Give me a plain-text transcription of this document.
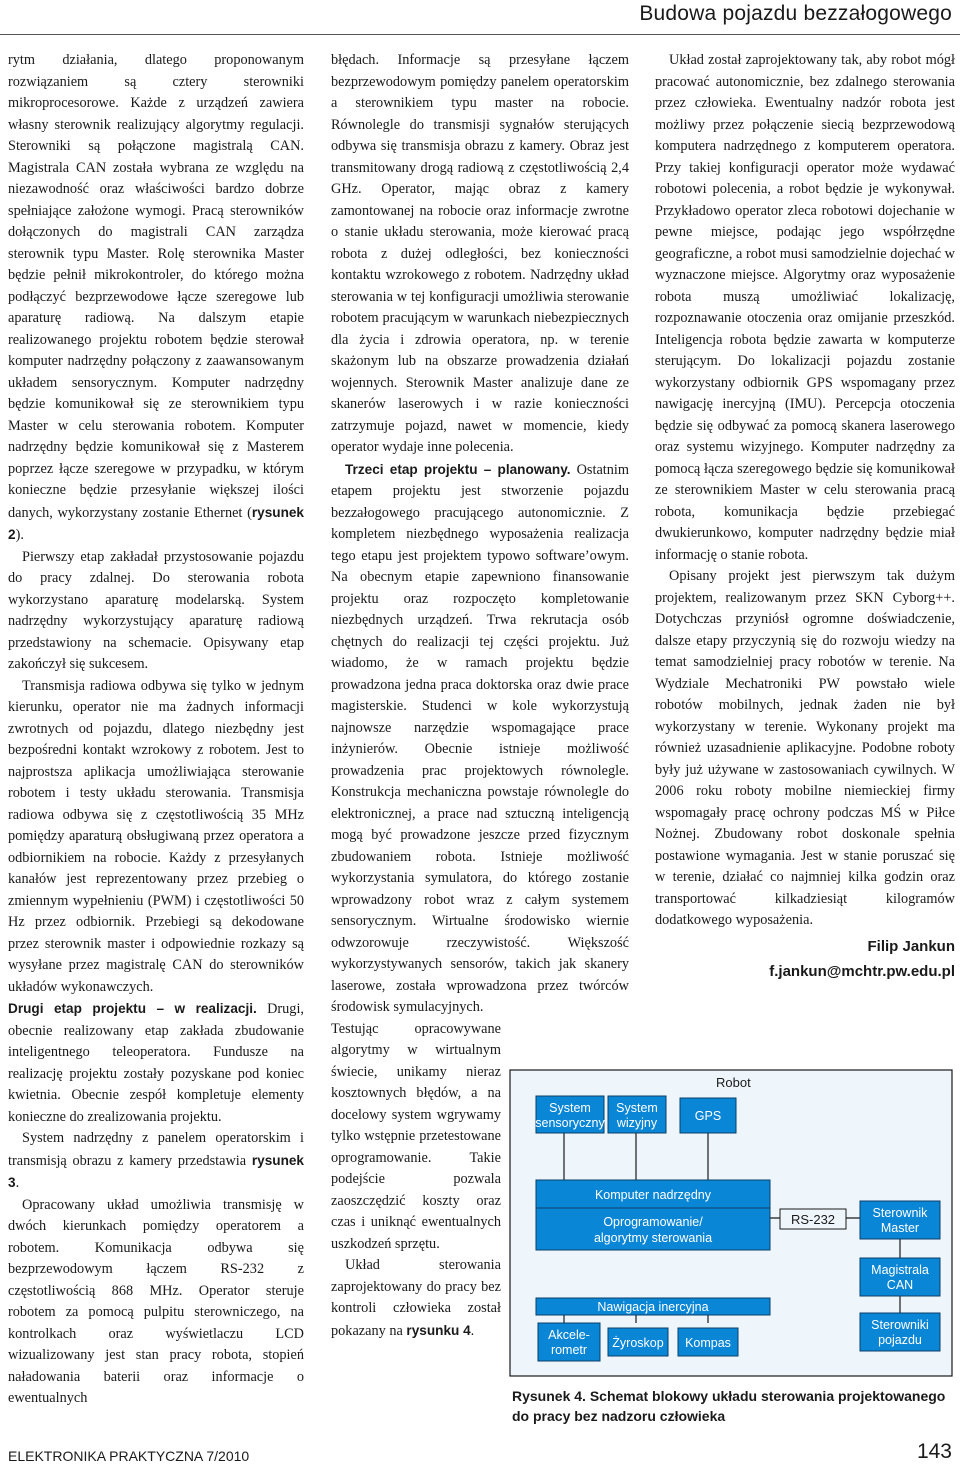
Budowa pojazdu bezzałogowego

rytm działania, dlatego proponowanym rozwiązaniem są cztery sterowniki mikroprocesorowe. Każde z urządzeń zawiera własny sterownik realizujący algorytmy regulacji. Sterowniki są połączone magistralą CAN. Magistrala CAN została wybrana ze względu na niezawodność oraz właściwości bardzo dobrze spełniające założone wymogi. Pracą sterowników dołączonych do magistrali CAN zarządza sterownik typu Master. Rolę sterownika Master będzie pełnił mikrokontroler, do którego można podłączyć bezprzewodowe łącze szeregowe lub aparaturę radiową. Na dalszym etapie realizowanego projektu robotem będzie sterował komputer nadrzędny połączony z zaawansowanym układem sensorycznym. Komputer nadrzędny będzie komunikował się ze sterownikiem typu Master w celu sterowania robotem. Komputer nadrzędny będzie komunikował się z Masterem poprzez łącze szeregowe w przypadku, w którym konieczne będzie przesyłanie większej ilości danych, wykorzystany zostanie Ethernet (rysunek 2).

Pierwszy etap zakładał przystosowanie pojazdu do pracy zdalnej. Do sterowania robota wykorzystano aparaturę modelarską. System nadrzędny wykorzystujący aparaturę radiową przedstawiony na schemacie. Opisywany etap zakończył się sukcesem.

Transmisja radiowa odbywa się tylko w jednym kierunku, operator nie ma żadnych informacji zwrotnych od pojazdu, dlatego niezbędny jest bezpośredni kontakt wzrokowy z robotem. Jest to najprostsza aplikacja umożliwiająca sterowanie robotem i testy układu sterowania. Transmisja radiowa odbywa się z częstotliwością 35 MHz pomiędzy aparaturą obsługiwaną przez operatora a odbiornikiem na robocie. Każdy z przesyłanych kanałów jest reprezentowany przez przebieg o zmiennym wypełnieniu (PWM) i częstotliwości 50 Hz przez odbiornik. Przebiegi są dekodowane przez sterownik master i odpowiednie rozkazy są wysyłane przez magistralę CAN do sterowników układów wykonawczych.

Drugi etap projektu – w realizacji. Drugi, obecnie realizowany etap zakłada zbudowanie inteligentnego teleoperatora. Fundusze na realizację projektu zostały pozyskane pod koniec kwietnia. Obecnie zespół kompletuje elementy konieczne do zrealizowania projektu.

System nadrzędny z panelem operatorskim i transmisją obrazu z kamery przedstawia rysunek 3.

Opracowany układ umożliwia transmisję w dwóch kierunkach pomiędzy operatorem a robotem. Komunikacja odbywa się bezprzewodowym łączem RS-232 z częstotliwością 868 MHz. Operator steruje robotem za pomocą pulpitu sterowniczego, na kontrolkach oraz wyświetlaczu LCD wizualizowany jest stan pracy robota, stopień naładowania baterii oraz informacje o ewentualnych

błędach. Informacje są przesyłane łączem bezprzewodowym pomiędzy panelem operatorskim a sterownikiem typu master na robocie. Równolegle do transmisji sygnałów sterujących odbywa się transmisja obrazu z kamery. Obraz jest transmitowany drogą radiową z częstotliwością 2,4 GHz. Operator, mając obraz z kamery zamontowanej na robocie oraz informacje zwrotne o stanie układu sterowania, może kierować pracą robota z dużej odległości, bez konieczności kontaktu wzrokowego z robotem. Nadrzędny układ sterowania w tej konfiguracji umożliwia sterowanie robotem pracującym w warunkach niebezpiecznych dla życia i zdrowia operatora, np. w terenie skażonym lub na obszarze prowadzenia działań wojennych. Sterownik Master analizuje dane ze skanerów laserowych i w razie konieczności zatrzymuje pojazd, nawet w momencie, kiedy operator wydaje inne polecenia.

Trzeci etap projektu – planowany. Ostatnim etapem projektu jest stworzenie pojazdu bezzałogowego pracującego autonomicznie. Z kompletem niezbędnego wyposażenia realizacja tego etapu jest projektem typowo software’owym. Na obecnym etapie zapewniono finansowanie projektu oraz rozpoczęto kompletowanie niezbędnych urządzeń. Trwa rekrutacja osób chętnych do realizacji tej części projektu. Już wiadomo, że w ramach projektu będzie prowadzona jedna praca doktorska oraz dwie prace magisterskie. Studenci w kole wykorzystują najnowsze narzędzie wspomagające prace inżynierów. Obecnie istnieje możliwość prowadzenia prac projektowych równolegle. Konstrukcja mechaniczna powstaje równolegle do elektronicznej, a prace nad sztuczną inteligencją mogą być prowadzone jeszcze przed fizycznym zbudowaniem robota. Istnieje możliwość wykorzystania symulatora, do którego zostanie wprowadzony robot wraz z całym systemem sensorycznym. Wirtualne środowisko wiernie odwzorowuje rzeczywistość. Większość wykorzystywanych sensorów, takich jak skanery laserowe, została wprowadzona przez twórców środowisk symulacyjnych.

Testując opracowywane algorytmy w wirtualnym świecie, unikamy nieraz kosztownych błędów, a na docelowy system wgrywamy tylko wstępnie przetestowane oprogramowanie. Takie podejście pozwala zaoszczędzić koszty oraz czas i uniknąć ewentualnych uszkodzeń sprzętu.

Układ sterowania zaprojektowany do pracy bez kontroli człowieka został pokazany na rysunku 4.

Układ został zaprojektowany tak, aby robot mógł pracować autonomicznie, bez zdalnego sterowania przez człowieka. Ewentualny nadzór robota jest możliwy przez połączenie siecią bezprzewodową komputera nadrzędnego z komputerem operatora. Przy takiej konfiguracji operator może wydawać robotowi polecenia, a robot będzie je wykonywał. Przykładowo operator zleca robotowi dojechanie w pewne miejsce, podając jego współrzędne geograficzne, a robot musi samodzielnie dojechać w wyznaczone miejsce. Algorytmy oraz wyposażenie robota muszą umożliwiać lokalizację, rozpoznawanie otoczenia oraz omijanie przeszkód. Inteligencja robota będzie zawarta w komputerze sterującym. Do lokalizacji pojazdu zostanie wykorzystany odbiornik GPS wspomagany przez nawigację inercyjną (IMU). Percepcja otoczenia będzie się odbywać za pomocą skanera laserowego oraz systemu wizyjnego. Komputer nadrzędny za pomocą łącza szeregowego będzie się komunikował ze sterownikiem Master w celu sterowania pracą robota, komunikacja będzie przebiegać dwukierunkowo, komputer nadrzędny będzie miał informację o stanie robota.

Opisany projekt jest pierwszym tak dużym projektem, realizowanym przez SKN Cyborg++. Dotychczas przyniósł ogromne doświadczenie, dalsze etapy przyczynią się do rozwoju wiedzy na temat samodzielniej pracy robotów w terenie. Na Wydziale Mechatroniki PW powstało wiele robotów mobilnych, jednak żaden nie był wykorzystany w terenie. Wykonany projekt ma również uzasadnienie aplikacyjne. Podobne roboty były już używane w zastosowaniach cywilnych. W 2006 roku roboty mobilne niemieckiej firmy wspomagały pracę ochrony podczas MŚ w Piłce Nożnej. Zbudowany robot doskonale spełnia postawione wymagania. Jest w stanie poruszać się w terenie, działać co najmniej kilka godzin oraz transportować kilkadziesiąt kilogramów dodatkowego wyposażenia.

Filip Jankun
f.jankun@mchtr.pw.edu.pl
Robot
System
sensoryczny
System
wizyjny	GPS
Komputer nadrzędny
Oprogramowanie/
algorytmy sterowania
RS-232	Sterownik
Master
Magistrala
CAN
Sterowniki
pojazdu
Nawigacja inercyjna
Akcele-
rometr Żyroskop Kompas
Rysunek 4. Schemat blokowy układu sterowania projektowanego do pracy bez nadzoru człowieka
ELEKTRONIKA PRAKTYCZNA 7/2010	143
